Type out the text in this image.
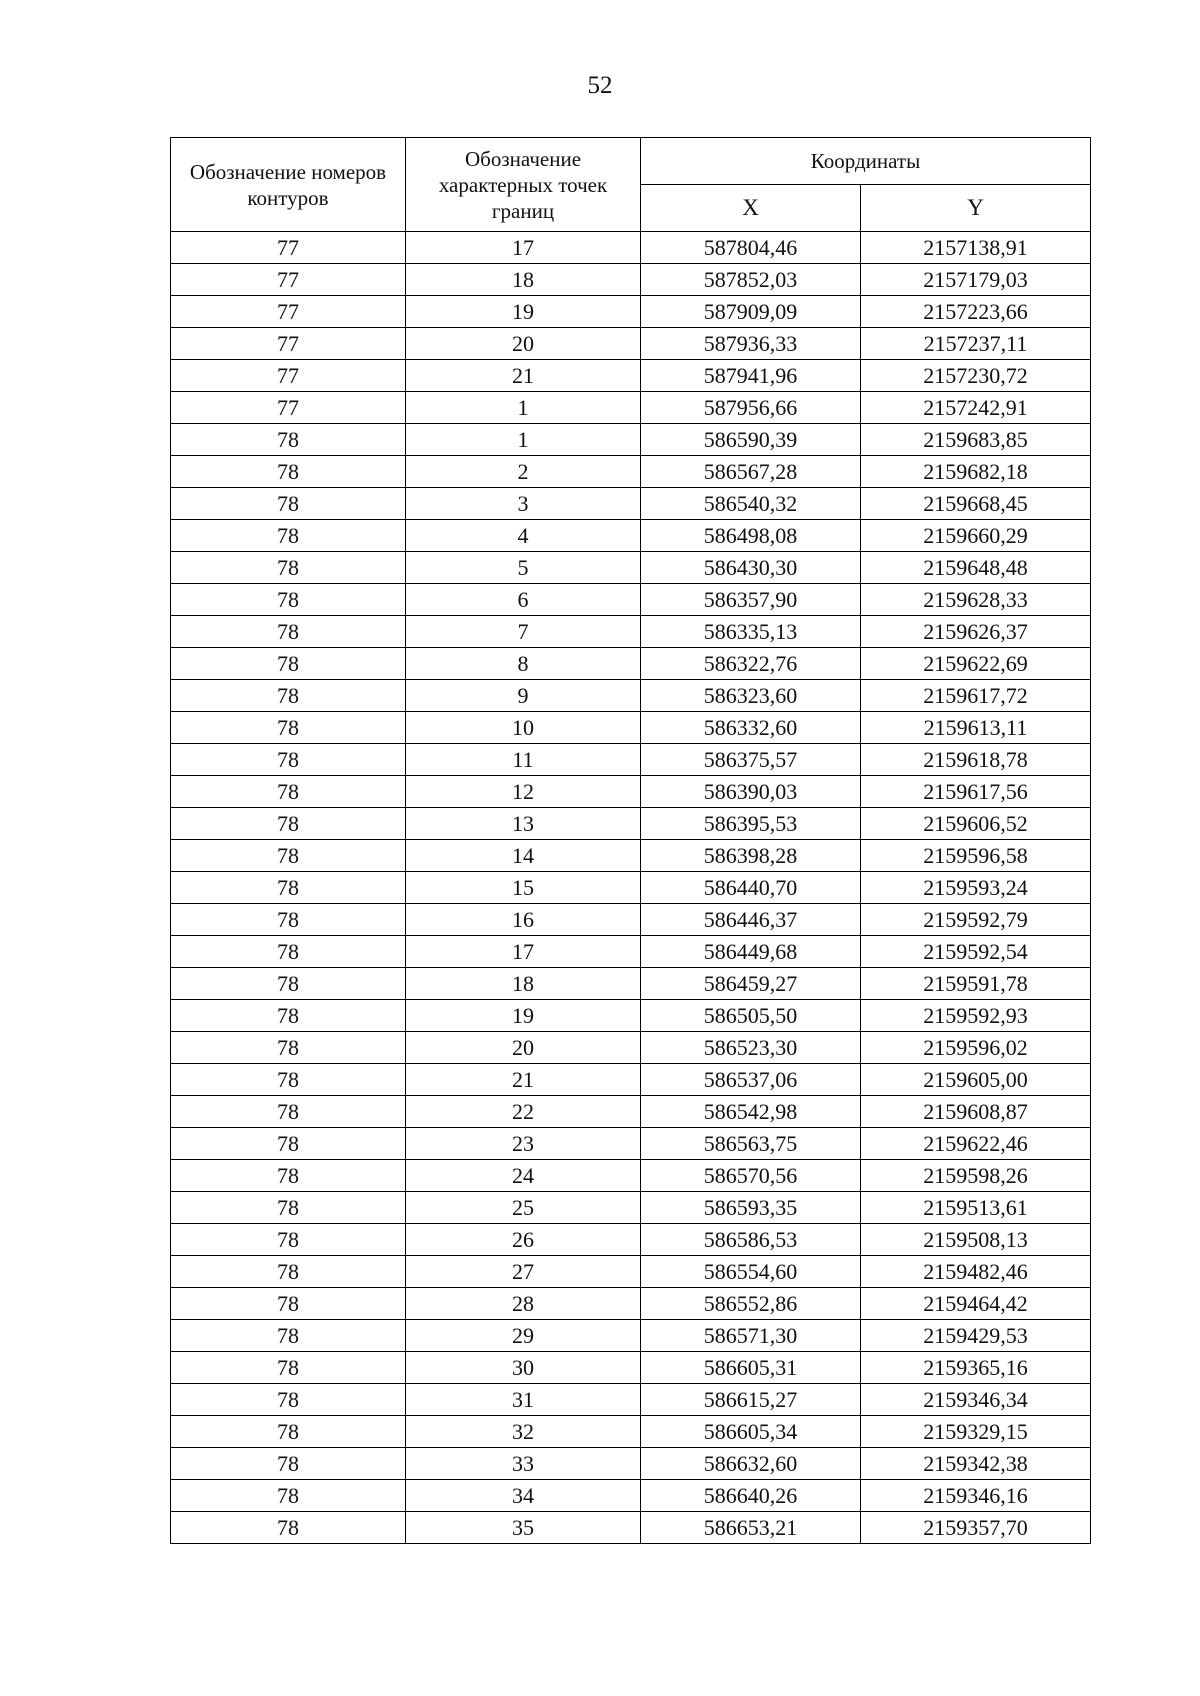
52
Обозначение номеров контуров	Обозначение характерных точек границ	Координаты	
		X	Y
77	17	587804,46	2157138,91
77	18	587852,03	2157179,03
77	19	587909,09	2157223,66
77	20	587936,33	2157237,11
77	21	587941,96	2157230,72
77	1	587956,66	2157242,91
78	1	586590,39	2159683,85
78	2	586567,28	2159682,18
78	3	586540,32	2159668,45
78	4	586498,08	2159660,29
78	5	586430,30	2159648,48
78	6	586357,90	2159628,33
78	7	586335,13	2159626,37
78	8	586322,76	2159622,69
78	9	586323,60	2159617,72
78	10	586332,60	2159613,11
78	11	586375,57	2159618,78
78	12	586390,03	2159617,56
78	13	586395,53	2159606,52
78	14	586398,28	2159596,58
78	15	586440,70	2159593,24
78	16	586446,37	2159592,79
78	17	586449,68	2159592,54
78	18	586459,27	2159591,78
78	19	586505,50	2159592,93
78	20	586523,30	2159596,02
78	21	586537,06	2159605,00
78	22	586542,98	2159608,87
78	23	586563,75	2159622,46
78	24	586570,56	2159598,26
78	25	586593,35	2159513,61
78	26	586586,53	2159508,13
78	27	586554,60	2159482,46
78	28	586552,86	2159464,42
78	29	586571,30	2159429,53
78	30	586605,31	2159365,16
78	31	586615,27	2159346,34
78	32	586605,34	2159329,15
78	33	586632,60	2159342,38
78	34	586640,26	2159346,16
78	35	586653,21	2159357,70
